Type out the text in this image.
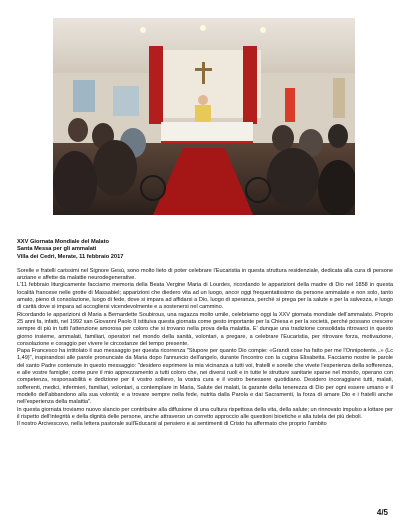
XXV Giornata Mondiale del Malato

Santa Messa per gli ammalati

Villa dei Cedri, Merate, 11 febbraio 2017

Sorelle e fratelli carissimi nel Signore Gesù, sono molto lieto di poter celebrare l'Eucaristia in questa struttura residenziale, dedicata alla cura di persone anziane e affette da malattie neurodegenerative.

L'11 febbraio liturgicamente facciamo memoria della Beata Vergine Maria di Lourdes, ricordando le apparizioni della madre di Dio nel 1858 in questa località francese nelle grotte di Massabiel; apparizioni che diedero vita ad un luogo, ancor oggi frequentatissimo da persone ammalate e non solo, tanto amato, pieno di consolazione, luogo di fede, dove si impara ad affidarsi a Dio, luogo di speranza, perché si prega per la salute e per la salvezza, e luogo di carità dove si impara ad accogliersi vicendevolmente e a sostenersi nel cammino.

Ricordando le apparizioni di Maria a Bernardette Soubirous, una ragazza molto umile, celebriamo oggi la XXV giornata mondiale dell'ammalato. Proprio 25 anni fa, infatti, nel 1992 san Giovanni Paolo II istituiva questa giornata come gesto importante per la Chiesa e per la società, perché possano crescere sempre di più in tutti l'attenzione amorosa per coloro che si trovano nella prova della malattia. E' dunque una tradizione consolidata ritrovarci in questo giorno insieme, ammalati, familiari, operatori nel mondo della sanità, volontari, a pregare, a celebrare l'Eucaristia, per ritrovare forza, motivazione, consolazione e coraggio per vivere le circostanze del tempo presente.

Papa Francesco ha intitolato il suo messaggio per questa ricorrenza "Stupore per quanto Dio compie: «Grandi cose ha fatto per me l'Onnipotente...» (Lc 1,49)", inspirandosi alle parole pronunciate da Maria dopo l'annuncio dell'angelo, durante l'incontro con la cugina Elisabetta. Facciamo nostre le parole del santo Padre contenute in questo messaggio: "desidero esprimere la mia vicinanza a tutti voi, fratelli e sorelle che vivete l'esperienza della sofferenza, e alle vostre famiglie; come pure il mio apprezzamento a tutti coloro che, nei diversi ruoli e in tutte le strutture sanitarie sparse nel mondo, operano con competenza, responsabilità e dedizione per il vostro sollievo, la vostra cura e il vostro benessere quotidiano. Desidero incoraggiarvi tutti, malati, sofferenti, medici, infermieri, familiari, volontari, a contemplare in Maria, Salute dei malati, la garante della tenerezza di Dio per ogni essere umano e il modello dell'abbandono alla sua volontà; e a trovare sempre nella fede, nutrita dalla Parola e dai Sacramenti, la forza di amare Dio e i fratelli anche nell'esperienza della malattia".

In questa giornata troviamo nuovo slancio per contribuire alla diffusione di una cultura rispettosa della vita, della salute; un rinnovato impulso a lottare per il rispetto dell'integrità e della dignità delle persone, anche attraverso un corretto approccio alle questioni bioetiche e alla tutela dei più deboli.

Il nostro Arcivescovo, nella lettera pastorale sull'Educarsi al pensiero e ai sentimenti di Cristo ha affermato che proprio l'ambito

4/5
